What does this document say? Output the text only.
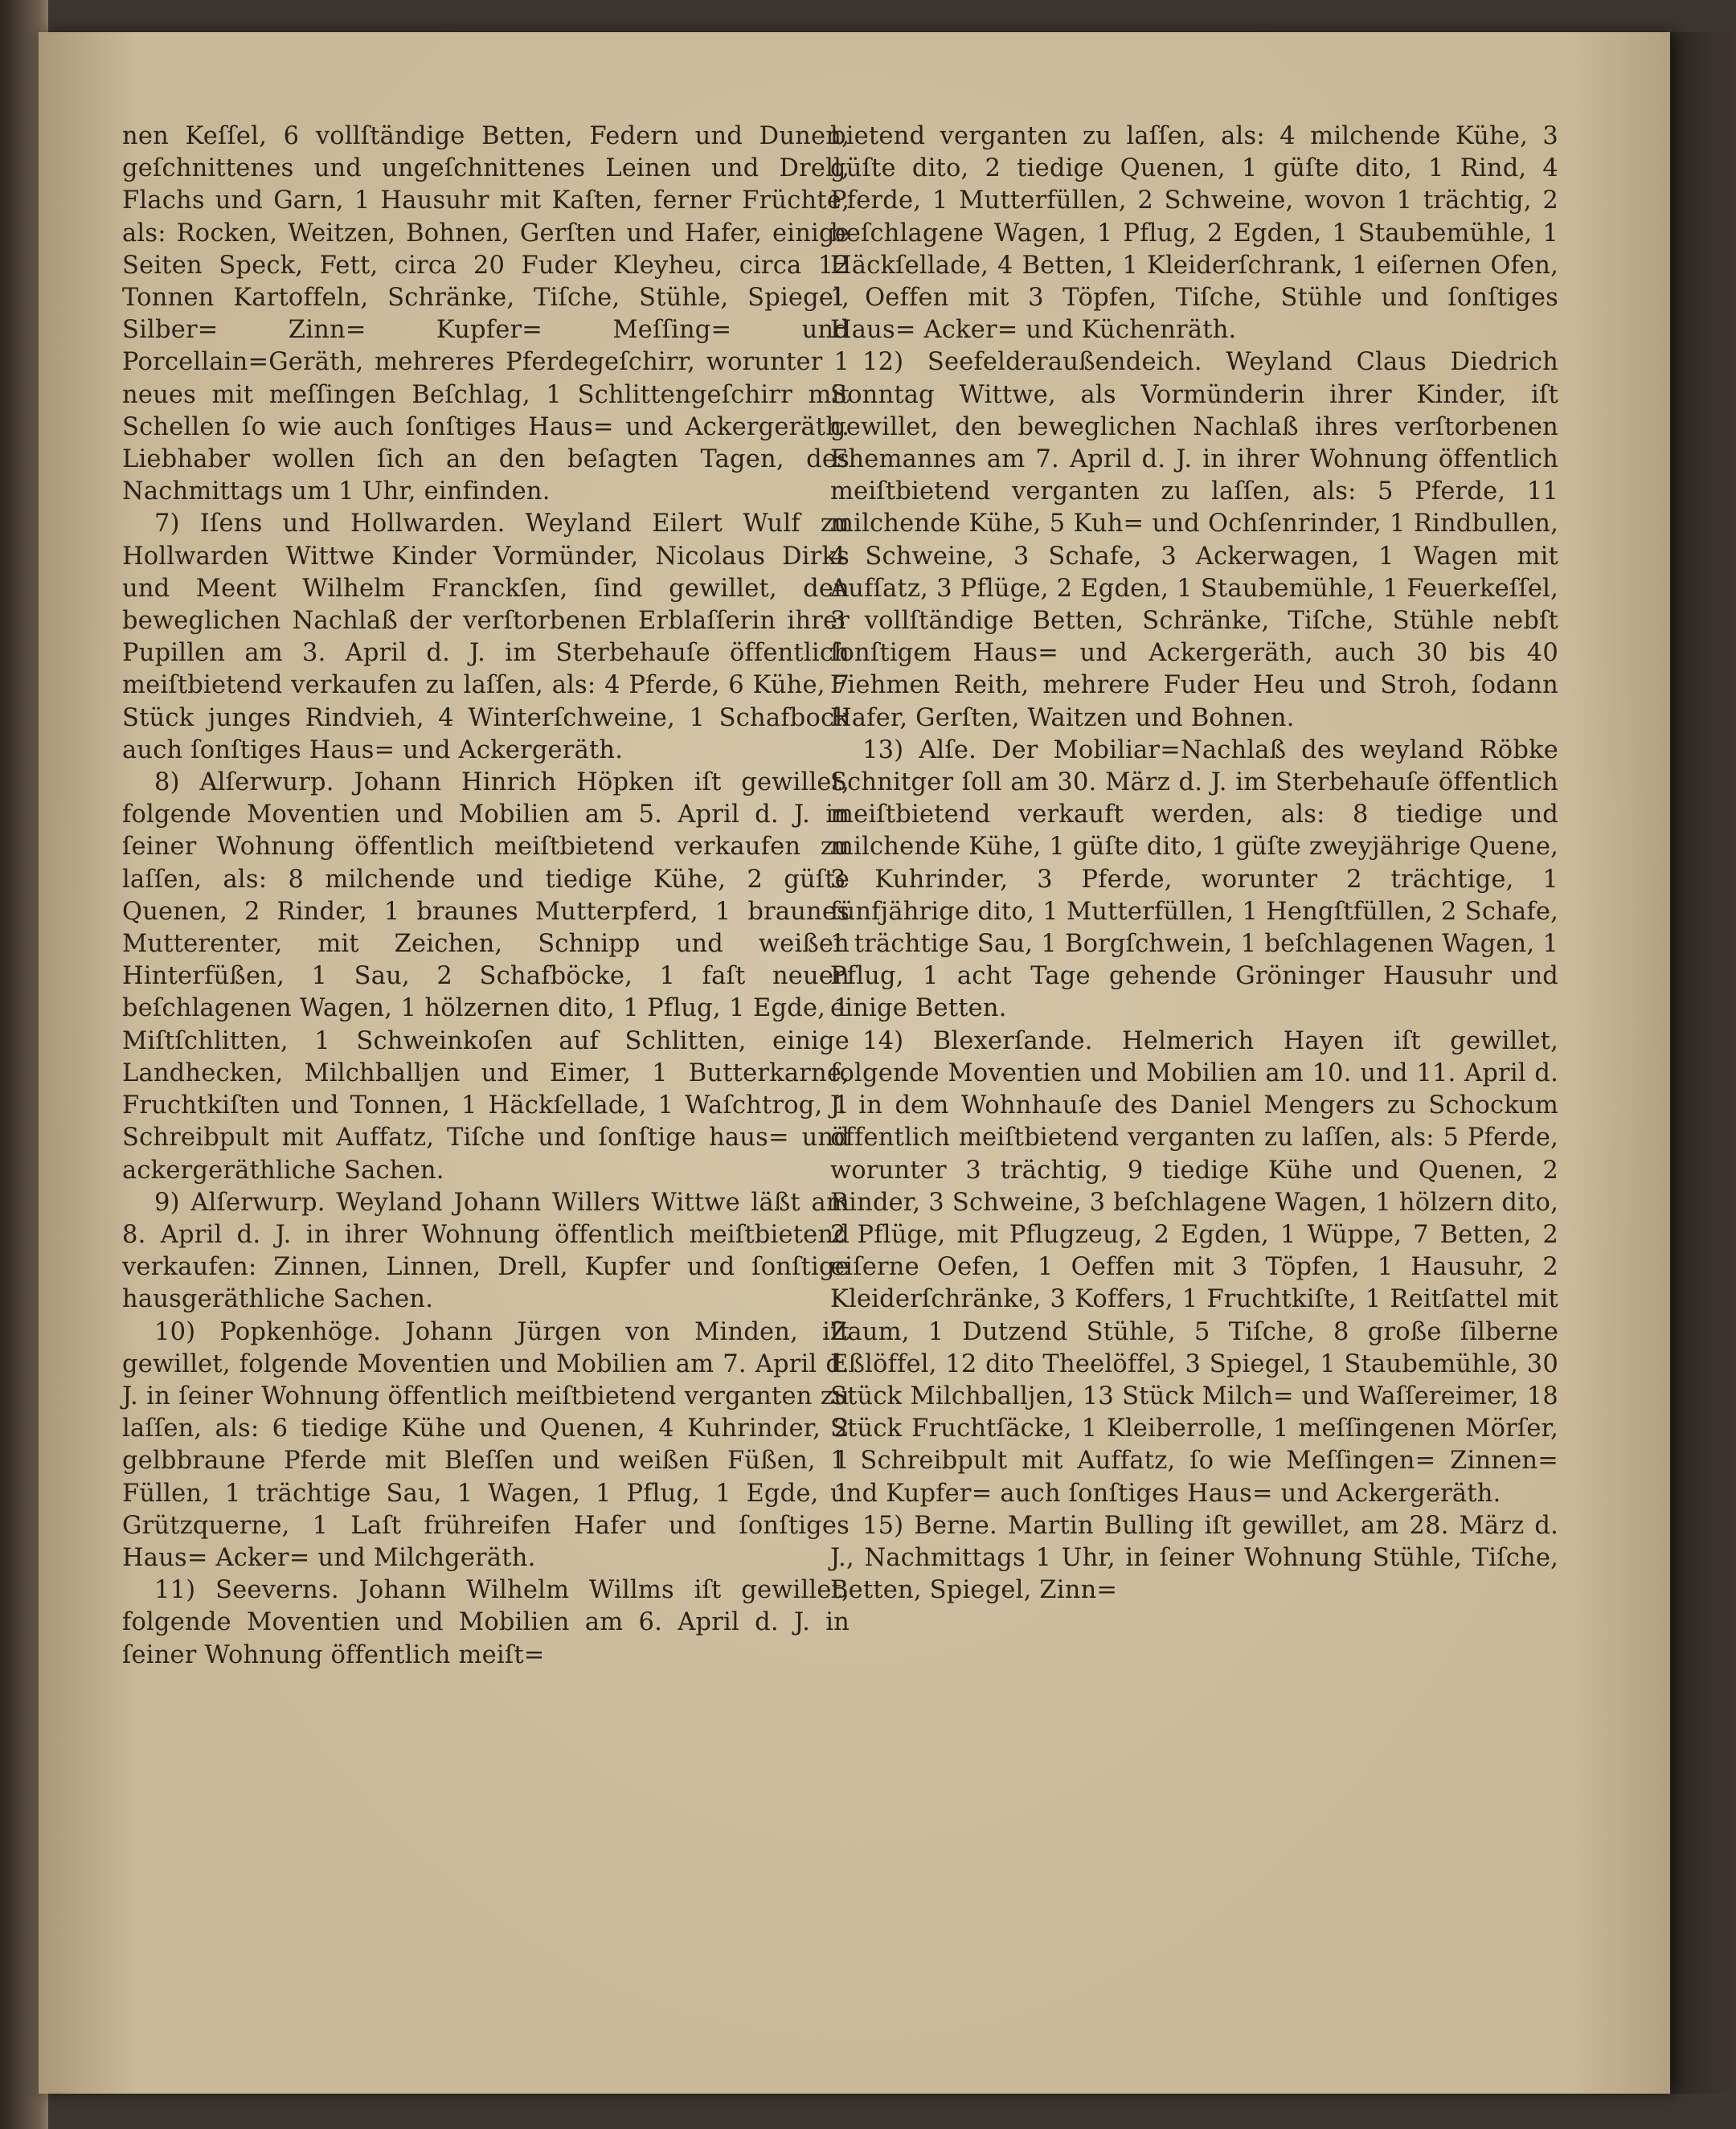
nen Keſſel, 6 vollſtändige Betten, Federn und Dunen, geſchnittenes und ungeſchnittenes Leinen und Drell, Flachs und Garn, 1 Hausuhr mit Kaſten, ferner Früchte, als: Rocken, Weitzen, Bohnen, Gerſten und Hafer, einige Seiten Speck, Fett, circa 20 Fuder Kleyheu, circa 12 Tonnen Kartoffeln, Schränke, Tiſche, Stühle, Spiegel, Silber= Zinn= Kupfer= Meſſing= und Porcellain=Geräth, mehreres Pferdegeſchirr, worunter 1 neues mit meſſingen Beſchlag, 1 Schlittengeſchirr mit Schellen ſo wie auch ſonſtiges Haus= und Ackergeräth. Liebhaber wollen ſich an den beſagten Tagen, des Nachmittags um 1 Uhr, einfinden.

7) Iſens und Hollwarden. Weyland Eilert Wulf zu Hollwarden Wittwe Kinder Vormünder, Nicolaus Dirks und Meent Wilhelm Franckſen, ſind gewillet, den beweglichen Nachlaß der verſtorbenen Erblaſſerin ihrer Pupillen am 3. April d. J. im Sterbehauſe öffentlich meiſtbietend verkaufen zu laſſen, als: 4 Pferde, 6 Kühe, 7 Stück junges Rindvieh, 4 Winterſchweine, 1 Schafbock auch ſonſtiges Haus= und Ackergeräth.

8) Alſerwurp. Johann Hinrich Höpken iſt gewillet, folgende Moventien und Mobilien am 5. April d. J. in ſeiner Wohnung öffentlich meiſtbietend verkaufen zu laſſen, als: 8 milchende und tiedige Kühe, 2 güſte Quenen, 2 Rinder, 1 braunes Mutterpferd, 1 braunes Mutterenter, mit Zeichen, Schnipp und weißen Hinterfüßen, 1 Sau, 2 Schafböcke, 1 faſt neuen beſchlagenen Wagen, 1 hölzernen dito, 1 Pflug, 1 Egde, 1 Miſtſchlitten, 1 Schweinkoſen auf Schlitten, einige Landhecken, Milchballjen und Eimer, 1 Butterkarne, Fruchtkiſten und Tonnen, 1 Häckſellade, 1 Waſchtrog, 1 Schreibpult mit Auffatz, Tiſche und ſonſtige haus= und ackergeräthliche Sachen.

9) Alſerwurp. Weyland Johann Willers Wittwe läßt am 8. April d. J. in ihrer Wohnung öffentlich meiſtbietend verkaufen: Zinnen, Linnen, Drell, Kupfer und ſonſtige hausgeräthliche Sachen.

10) Popkenhöge. Johann Jürgen von Minden, iſt gewillet, folgende Moventien und Mobilien am 7. April d. J. in ſeiner Wohnung öffentlich meiſtbietend verganten zu laſſen, als: 6 tiedige Kühe und Quenen, 4 Kuhrinder, 2 gelbbraune Pferde mit Bleſſen und weißen Füßen, 1 Füllen, 1 trächtige Sau, 1 Wagen, 1 Pflug, 1 Egde, 1 Grützquerne, 1 Laſt frühreifen Hafer und ſonſtiges Haus= Acker= und Milchgeräth.

11) Seeverns. Johann Wilhelm Willms iſt gewillet, folgende Moventien und Mobilien am 6. April d. J. in ſeiner Wohnung öffentlich meiſt=

bietend verganten zu laſſen, als: 4 milchende Kühe, 3 güſte dito, 2 tiedige Quenen, 1 güſte dito, 1 Rind, 4 Pferde, 1 Mutterfüllen, 2 Schweine, wovon 1 trächtig, 2 beſchlagene Wagen, 1 Pflug, 2 Egden, 1 Staubemühle, 1 Häckſellade, 4 Betten, 1 Kleiderſchrank, 1 eiſernen Ofen, 1 Oeffen mit 3 Töpfen, Tiſche, Stühle und ſonſtiges Haus= Acker= und Küchenräth.

12) Seefelderaußendeich. Weyland Claus Diedrich Sonntag Wittwe, als Vormünderin ihrer Kinder, iſt gewillet, den beweglichen Nachlaß ihres verſtorbenen Ehemannes am 7. April d. J. in ihrer Wohnung öffentlich meiſtbietend verganten zu laſſen, als: 5 Pferde, 11 milchende Kühe, 5 Kuh= und Ochſenrinder, 1 Rindbullen, 4 Schweine, 3 Schafe, 3 Ackerwagen, 1 Wagen mit Aufſatz, 3 Pflüge, 2 Egden, 1 Staubemühle, 1 Feuerkeſſel, 3 vollſtändige Betten, Schränke, Tiſche, Stühle nebſt ſonſtigem Haus= und Ackergeräth, auch 30 bis 40 Fiehmen Reith, mehrere Fuder Heu und Stroh, ſodann Hafer, Gerſten, Waitzen und Bohnen.

13) Alſe. Der Mobiliar=Nachlaß des weyland Röbke Schnitger ſoll am 30. März d. J. im Sterbehauſe öffentlich meiſtbietend verkauft werden, als: 8 tiedige und milchende Kühe, 1 güſte dito, 1 güſte zweyjährige Quene, 3 Kuhrinder, 3 Pferde, worunter 2 trächtige, 1 fünfjährige dito, 1 Mutterfüllen, 1 Hengſtfüllen, 2 Schafe, 1 trächtige Sau, 1 Borgſchwein, 1 beſchlagenen Wagen, 1 Pflug, 1 acht Tage gehende Gröninger Hausuhr und einige Betten.

14) Blexerſande. Helmerich Hayen iſt gewillet, folgende Moventien und Mobilien am 10. und 11. April d. J. in dem Wohnhauſe des Daniel Mengers zu Schockum öffentlich meiſtbietend verganten zu laſſen, als: 5 Pferde, worunter 3 trächtig, 9 tiedige Kühe und Quenen, 2 Rinder, 3 Schweine, 3 beſchlagene Wagen, 1 hölzern dito, 2 Pflüge, mit Pflugzeug, 2 Egden, 1 Wüppe, 7 Betten, 2 eiſerne Oefen, 1 Oeffen mit 3 Töpfen, 1 Hausuhr, 2 Kleiderſchränke, 3 Koffers, 1 Fruchtkiſte, 1 Reitſattel mit Zaum, 1 Dutzend Stühle, 5 Tiſche, 8 große ſilberne Eßlöffel, 12 dito Theelöffel, 3 Spiegel, 1 Staubemühle, 30 Stück Milchballjen, 13 Stück Milch= und Waſſereimer, 18 Stück Fruchtſäcke, 1 Kleiberrolle, 1 meſſingenen Mörſer, 1 Schreibpult mit Auffatz, ſo wie Meſſingen= Zinnen= und Kupfer= auch ſonſtiges Haus= und Ackergeräth.

15) Berne. Martin Bulling iſt gewillet, am 28. März d. J., Nachmittags 1 Uhr, in ſeiner Wohnung Stühle, Tiſche, Betten, Spiegel, Zinn=
